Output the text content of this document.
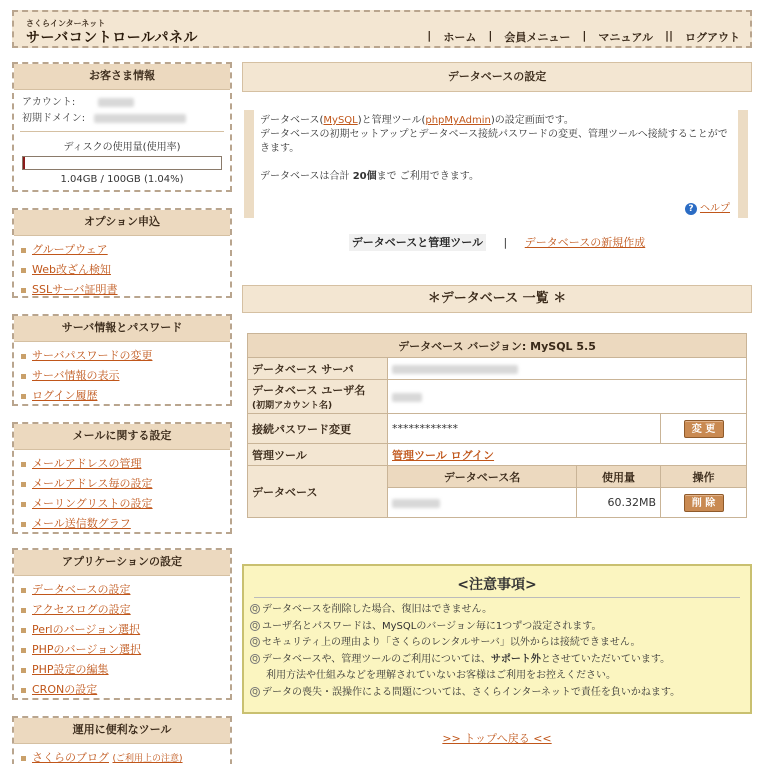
さくらインターネット
サーバコントロールパネル	| ホーム | 会員メニュー | マニュアル || ログアウト
お客さま情報
アカウント:
初期ドメイン:
ディスクの使用量(使用率)
1.04GB / 100GB (1.04%)
オプション申込
グループウェア
Web改ざん検知
SSLサーバ証明書
サーバ情報とパスワード
サーバパスワードの変更
サーバ情報の表示
ログイン履歴
メールに関する設定
メールアドレスの管理
メールアドレス毎の設定
メーリングリストの設定
メール送信数グラフ
アプリケーションの設定
データベースの設定
アクセスログの設定
Perlのバージョン選択
PHPのバージョン選択
PHP設定の編集
CRONの設定
運用に便利なツール
さくらのブログ (ご利用上の注意)
データベースの設定
データベース(MySQL)と管理ツール(phpMyAdmin)の設定画面です。
データベースの初期セットアップとデータベース接続パスワードの変更、管理ツールへ接続することができます。
データベースは合計 20個まで ご利用できます。
? ヘルプ
データベースと管理ツール | データベースの新規作成
＊データベース 一覧 ＊
データベース バージョン: MySQL 5.5			
データベース サーバ			

データベース ユーザ名
(初期アカウント名)			

接続パスワード変更	************		変 更
管理ツール	管理ツール ログイン		
データベース	データベース名	使用量	操作
		60.32MB	削 除
<注意事項>
Q データベースを削除した場合、復旧はできません。
Q ユーザ名とパスワードは、MySQLのバージョン毎に1つずつ設定されます。
Q セキュリティ上の理由より「さくらのレンタルサーバ」以外からは接続できません。
Q データベースや、管理ツールのご利用については、サポート外とさせていただいています。
利用方法や仕組みなどを理解されていないお客様はご利用をお控えください。
Q データの喪失・誤操作による問題については、さくらインターネットで責任を負いかねます。
>> トップへ戻る <<
